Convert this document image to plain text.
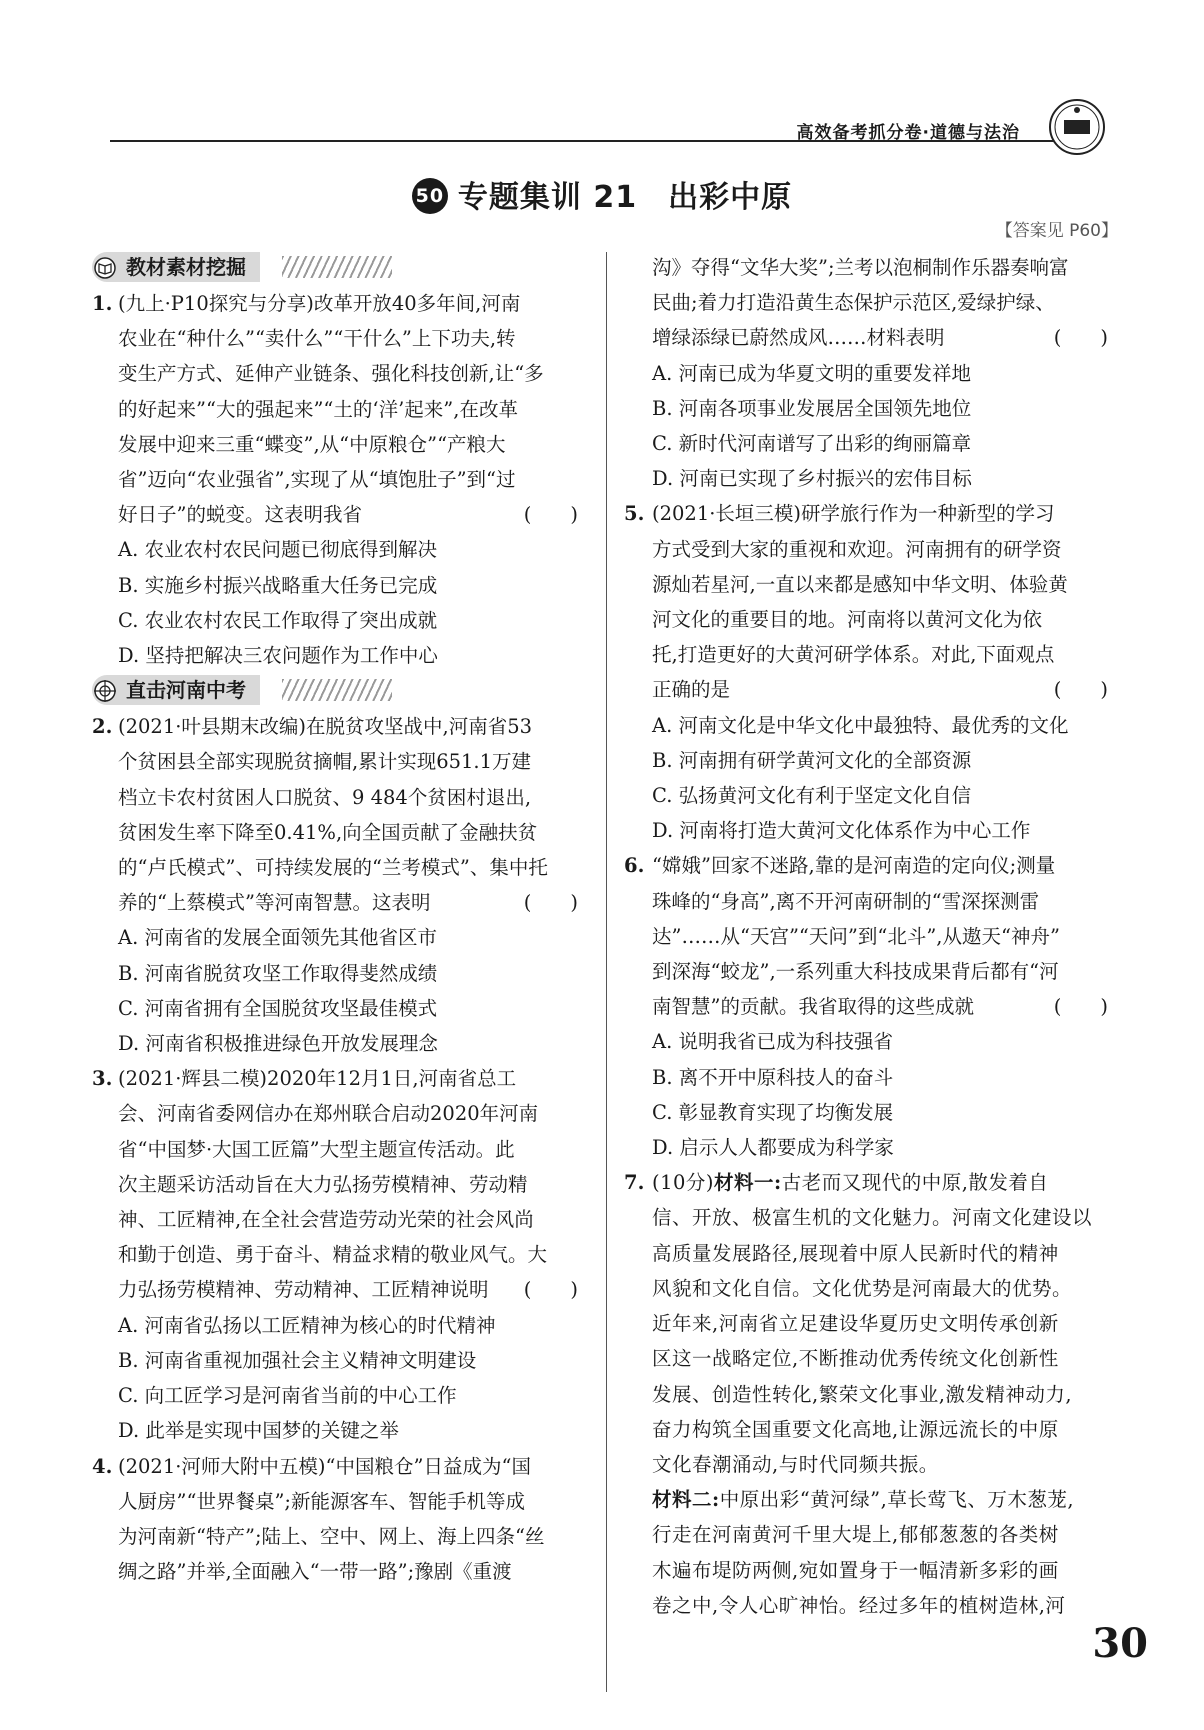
高效备考抓分卷·道德与法治
50 专题集训 21　出彩中原
【答案见 P60】
教材素材挖掘
1. (九上·P10探究与分享)改革开放40多年间,河南

农业在“种什么”“卖什么”“干什么”上下功夫,转

变生产方式、延伸产业链条、强化科技创新,让“多

的好起来”“大的强起来”“土的‘洋’起来”,在改革

发展中迎来三重“蝶变”,从“中原粮仓”“产粮大

省”迈向“农业强省”,实现了从“填饱肚子”到“过

好日子”的蜕变。这表明我省	(　　)

A. 农业农村农民问题已彻底得到解决

B. 实施乡村振兴战略重大任务已完成

C. 农业农村农民工作取得了突出成就

D. 坚持把解决三农问题作为工作中心

直击河南中考
2. (2021·叶县期末改编)在脱贫攻坚战中,河南省53

个贫困县全部实现脱贫摘帽,累计实现651.1万建

档立卡农村贫困人口脱贫、9 484个贫困村退出,

贫困发生率下降至0.41%,向全国贡献了金融扶贫

的“卢氏模式”、可持续发展的“兰考模式”、集中托

养的“上蔡模式”等河南智慧。这表明	(　　)

A. 河南省的发展全面领先其他省区市

B. 河南省脱贫攻坚工作取得斐然成绩

C. 河南省拥有全国脱贫攻坚最佳模式

D. 河南省积极推进绿色开放发展理念

3. (2021·辉县二模)2020年12月1日,河南省总工

会、河南省委网信办在郑州联合启动2020年河南

省“中国梦·大国工匠篇”大型主题宣传活动。此

次主题采访活动旨在大力弘扬劳模精神、劳动精

神、工匠精神,在全社会营造劳动光荣的社会风尚

和勤于创造、勇于奋斗、精益求精的敬业风气。大

力弘扬劳模精神、劳动精神、工匠精神说明 (　　)

A. 河南省弘扬以工匠精神为核心的时代精神

B. 河南省重视加强社会主义精神文明建设

C. 向工匠学习是河南省当前的中心工作

D. 此举是实现中国梦的关键之举

4. (2021·河师大附中五模)“中国粮仓”日益成为“国

人厨房”“世界餐桌”;新能源客车、智能手机等成

为河南新“特产”;陆上、空中、网上、海上四条“丝

绸之路”并举,全面融入“一带一路”;豫剧《重渡

沟》夺得“文华大奖”;兰考以泡桐制作乐器奏响富

民曲;着力打造沿黄生态保护示范区,爱绿护绿、

增绿添绿已蔚然成风……材料表明	(　　)

A. 河南已成为华夏文明的重要发祥地

B. 河南各项事业发展居全国领先地位

C. 新时代河南谱写了出彩的绚丽篇章

D. 河南已实现了乡村振兴的宏伟目标

5. (2021·长垣三模)研学旅行作为一种新型的学习

方式受到大家的重视和欢迎。河南拥有的研学资

源灿若星河,一直以来都是感知中华文明、体验黄

河文化的重要目的地。河南将以黄河文化为依

托,打造更好的大黄河研学体系。对此,下面观点

正确的是	(　　)

A. 河南文化是中华文化中最独特、最优秀的文化

B. 河南拥有研学黄河文化的全部资源

C. 弘扬黄河文化有利于坚定文化自信

D. 河南将打造大黄河文化体系作为中心工作

6. “嫦娥”回家不迷路,靠的是河南造的定向仪;测量

珠峰的“身高”,离不开河南研制的“雪深探测雷

达”……从“天宫”“天问”到“北斗”,从遨天“神舟”

到深海“蛟龙”,一系列重大科技成果背后都有“河

南智慧”的贡献。我省取得的这些成就	(　　)

A. 说明我省已成为科技强省

B. 离不开中原科技人的奋斗

C. 彰显教育实现了均衡发展

D. 启示人人都要成为科学家

7. (10分)材料一:古老而又现代的中原,散发着自

信、开放、极富生机的文化魅力。河南文化建设以

高质量发展路径,展现着中原人民新时代的精神

风貌和文化自信。文化优势是河南最大的优势。

近年来,河南省立足建设华夏历史文明传承创新

区这一战略定位,不断推动优秀传统文化创新性

发展、创造性转化,繁荣文化事业,激发精神动力,

奋力构筑全国重要文化高地,让源远流长的中原

文化春潮涌动,与时代同频共振。

材料二:中原出彩“黄河绿”,草长莺飞、万木葱茏,

行走在河南黄河千里大堤上,郁郁葱葱的各类树

木遍布堤防两侧,宛如置身于一幅清新多彩的画

卷之中,令人心旷神怡。经过多年的植树造林,河

30
